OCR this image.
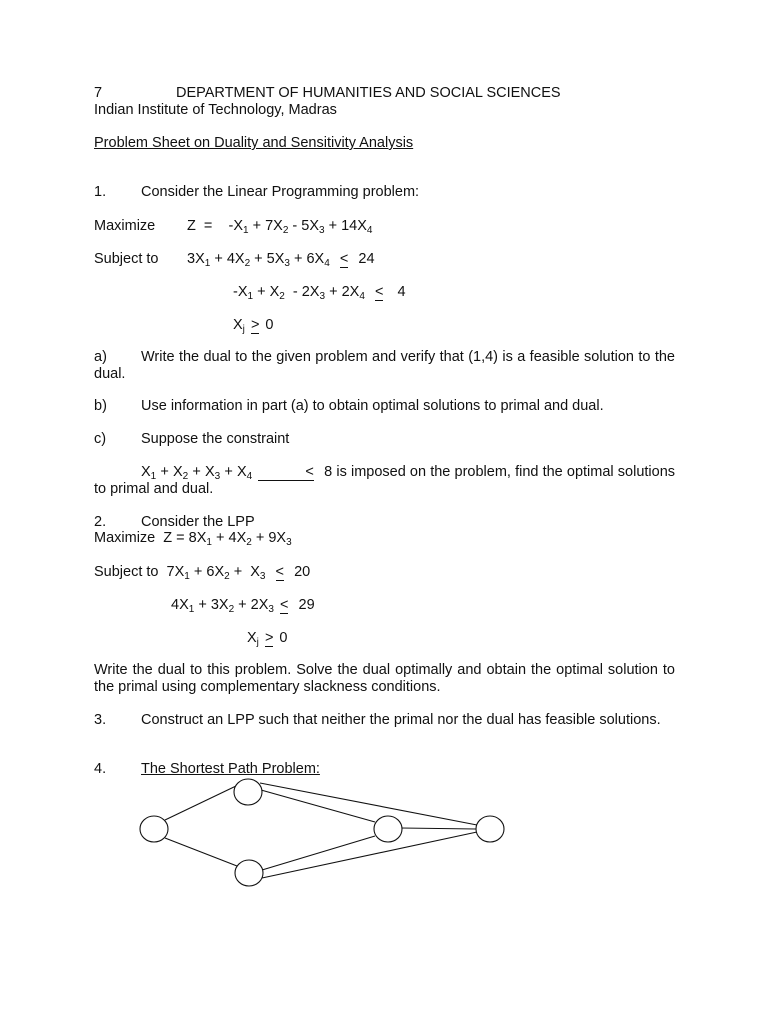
7	DEPARTMENT OF HUMANITIES AND SOCIAL SCIENCES
Indian Institute of Technology, Madras
Problem Sheet on Duality and Sensitivity Analysis
1. Consider the Linear Programming problem:
Maximize Z  =    $-X_1 + 7X_2 - 5X_3 + 14X_4$
Subject to $3X_1 + 4X_2 + 5X_3 + 6X_4 < 24$
$-X_1 + X_2 - 2X_3 + 2X_4 < 4$
$X_j > 0$
a) Write the dual to the given problem and verify that (1,4) is a feasible solution to the dual.
b) Use information in part (a) to obtain optimal solutions to primal and dual.
c) Suppose the constraint
$X_1 + X_2 + X_3 + X_4$	< 8 is imposed on the problem, find the optimal solutions to primal and dual.
2. Consider the LPP
Maximize  $Z = 8X_1 + 4X_2 + 9X_3$
Subject to  $7X_1 + 6X_2 + X_3 < 20$
$4X_1 + 3X_2 + 2X_3 < 29$
$X_j > 0$
Write the dual to this problem. Solve the dual optimally and obtain the optimal solution to the primal using complementary slackness conditions.
3. Construct an LPP such that neither the primal nor the dual has feasible solutions.
4. The Shortest Path Problem:
